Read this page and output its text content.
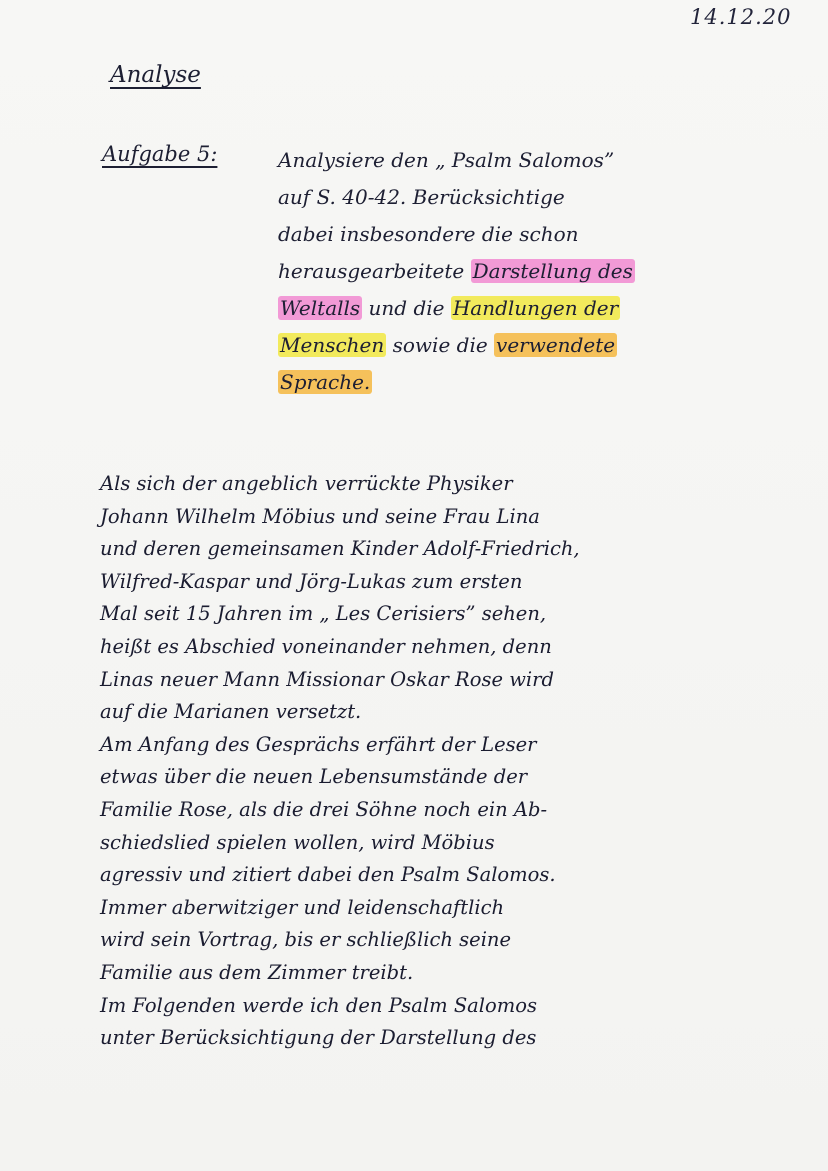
14.12.20
Analyse
Aufgabe 5:	Analysiere den „ Psalm Salomos”
auf S. 40-42. Berücksichtige
dabei insbesondere die schon
herausgearbeitete Darstellung des
Weltalls und die Handlungen der
Menschen sowie die verwendete
Sprache.
Als sich der angeblich verrückte Physiker
Johann Wilhelm Möbius und seine Frau Lina
und deren gemeinsamen Kinder Adolf-Friedrich,
Wilfred-Kaspar und Jörg-Lukas zum ersten
Mal seit 15 Jahren im „ Les Cerisiers” sehen,
heißt es Abschied voneinander nehmen, denn
Linas neuer Mann Missionar Oskar Rose wird
auf die Marianen versetzt.
Am Anfang des Gesprächs erfährt der Leser
etwas über die neuen Lebensumstände der
Familie Rose, als die drei Söhne noch ein Ab-
schiedslied spielen wollen, wird Möbius
agressiv und zitiert dabei den Psalm Salomos.
Immer aberwitziger und leidenschaftlich
wird sein Vortrag, bis er schließlich seine
Familie aus dem Zimmer treibt.
Im Folgenden werde ich den Psalm Salomos
unter Berücksichtigung der Darstellung des
